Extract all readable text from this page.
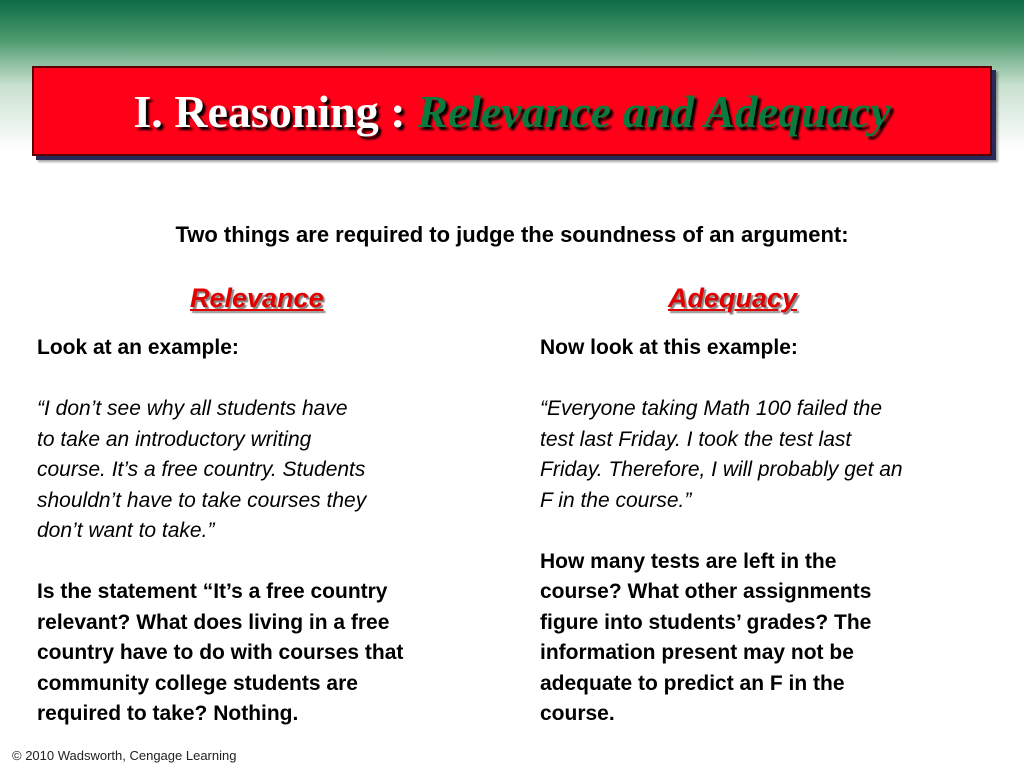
I. Reasoning : Relevance and Adequacy
Two things are required to judge the soundness of an argument:
Relevance	Adequacy
Look at an example:
“I don’t see why all students have
to take an introductory writing
course. It’s a free country. Students
shouldn’t have to take courses they
don’t want to take.”
Is the statement “It’s a free country
relevant? What does living in a free
country have to do with courses that
community college students are
required to take? Nothing.
Now look at this example:
“Everyone taking Math 100 failed the
test last Friday. I took the test last
Friday. Therefore, I will probably get an
F in the course.”
How many tests are left in the
course? What other assignments
figure into students’ grades? The
information present may not be
adequate to predict an F in the
course.
© 2010 Wadsworth, Cengage Learning
